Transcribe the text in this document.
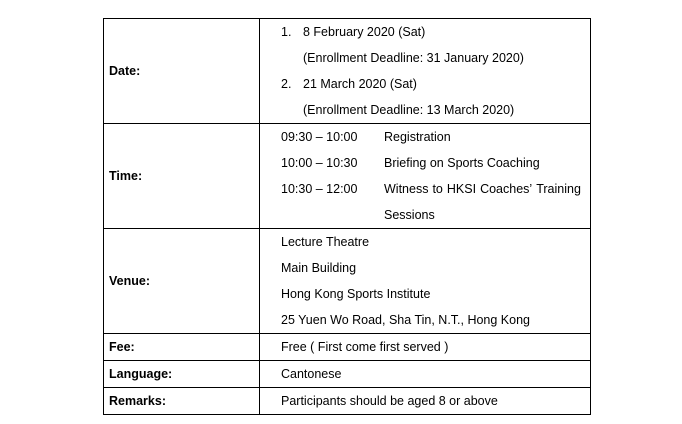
Date:	1. 8 February 2020 (Sat)
(Enrollment Deadline: 31 January 2020)
2. 21 March 2020 (Sat)
(Enrollment Deadline: 13 March 2020)

Time:	09:30 – 10:00 Registration
10:00 – 10:30 Briefing on Sports Coaching
10:30 – 12:00 Witness to HKSI Coaches’ Training
Sessions

Venue:	Lecture Theatre
Main Building
Hong Kong Sports Institute
25 Yuen Wo Road, Sha Tin, N.T., Hong Kong

Fee:	Free ( First come first served )
Language:	Cantonese
Remarks:	Participants should be aged 8 or above
